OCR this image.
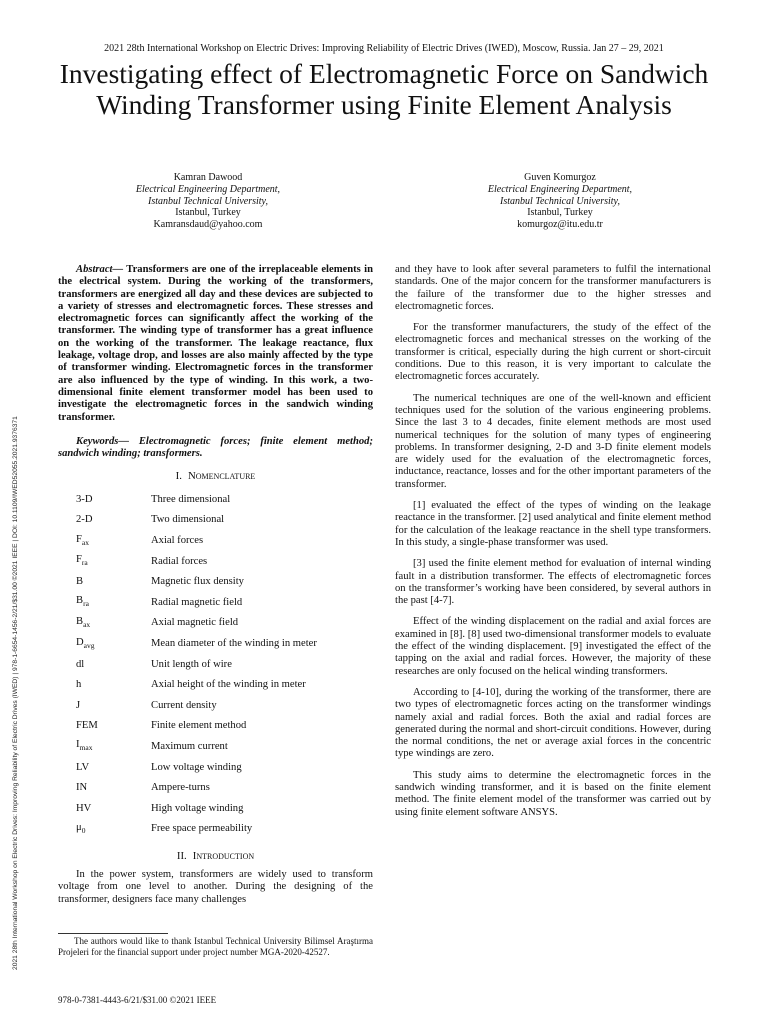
2021 28th International Workshop on Electric Drives: Improving Reliability of Electric Drives (IWED), Moscow, Russia. Jan 27 – 29, 2021
Investigating effect of Electromagnetic Force on Sandwich Winding Transformer using Finite Element Analysis
Kamran Dawood
Electrical Engineering Department,
Istanbul Technical University,
Istanbul, Turkey
Kamransdaud@yahoo.com
Guven Komurgoz
Electrical Engineering Department,
Istanbul Technical University,
Istanbul, Turkey
komurgoz@itu.edu.tr
2021 28th International Workshop on Electric Drives: Improving Reliability of Electric Drives (IWED) | 978-1-6654-1456-2/21/$31.00 ©2021 IEEE | DOI: 10.1109/IWED52055.2021.9376371

Abstract— Transformers are one of the irreplaceable elements in the electrical system. During the working of the transformers, transformers are energized all day and these devices are subjected to a variety of stresses and electromagnetic forces. These stresses and electromagnetic forces can significantly affect the working of the transformer. The winding type of transformer has a great influence on the working of the transformer. The leakage reactance, flux leakage, voltage drop, and losses are also mainly affected by the type of transformer winding. Electromagnetic forces in the transformer are also influenced by the type of winding. In this work, a two-dimensional finite element transformer model has been used to investigate the electromagnetic forces in the sandwich winding transformer.

Keywords— Electromagnetic forces; finite element method; sandwich winding; transformers.

I. Nomenclature
3-D	Three dimensional
2-D	Two dimensional
$F_{ax}$	Axial forces
$F_{ra}$	Radial forces
B	Magnetic flux density
$B_{ra}$	Radial magnetic field
$B_{ax}$	Axial magnetic field
$D_{avg}$	Mean diameter of the winding in meter
dl	Unit length of wire
h	Axial height of the winding in meter
J	Current density
FEM	Finite element method
$I_{max}$	Maximum current
LV	Low voltage winding
IN	Ampere-turns
HV	High voltage winding
$\mu_0$	Free space permeability
II. Introduction

In the power system, transformers are widely used to transform voltage from one level to another. During the designing of the transformer, designers face many challenges

and they have to look after several parameters to fulfil the international standards. One of the major concern for the transformer manufacturers is the failure of the transformer due to the higher stresses and electromagnetic forces.

For the transformer manufacturers, the study of the effect of the electromagnetic forces and mechanical stresses on the working of the transformer is critical, especially during the high current or short-circuit conditions. Due to this reason, it is very important to calculate the electromagnetic forces accurately.

The numerical techniques are one of the well-known and efficient techniques used for the solution of the various engineering problems. Since the last 3 to 4 decades, finite element methods are most used numerical techniques for the solution of many types of engineering problems. In transformer designing, 2-D and 3-D finite element models are widely used for the evaluation of the electromagnetic forces, inductance, reactance, losses and for the other important parameters of the transformer.

[1] evaluated the effect of the types of winding on the leakage reactance in the transformer. [2] used analytical and finite element method for the calculation of the leakage reactance in the shell type transformers. In this study, a single-phase transformer was used.

[3] used the finite element method for evaluation of internal winding fault in a distribution transformer. The effects of electromagnetic forces on the transformer’s working have been considered, by several authors in the past [4-7].

Effect of the winding displacement on the radial and axial forces are examined in [8]. [8] used two-dimensional transformer models to evaluate the effect of the winding displacement. [9] investigated the effect of the tapping on the axial and radial forces. However, the majority of these researches are only focused on the helical winding transformers.

According to [4-10], during the working of the transformer, there are two types of electromagnetic forces acting on the transformer windings namely axial and radial forces. Both the axial and radial forces are generated during the normal and short-circuit conditions. However, during the normal conditions, the net or average axial forces in the concentric type windings are zero.

This study aims to determine the electromagnetic forces in the sandwich winding transformer, and it is based on the finite element method. The finite element model of the transformer was carried out by using finite element software ANSYS.

The authors would like to thank Istanbul Technical University Bilimsel Araştırma Projeleri for the financial support under project number MGA-2020-42527.
978-0-7381-4443-6/21/$31.00 ©2021 IEEE
